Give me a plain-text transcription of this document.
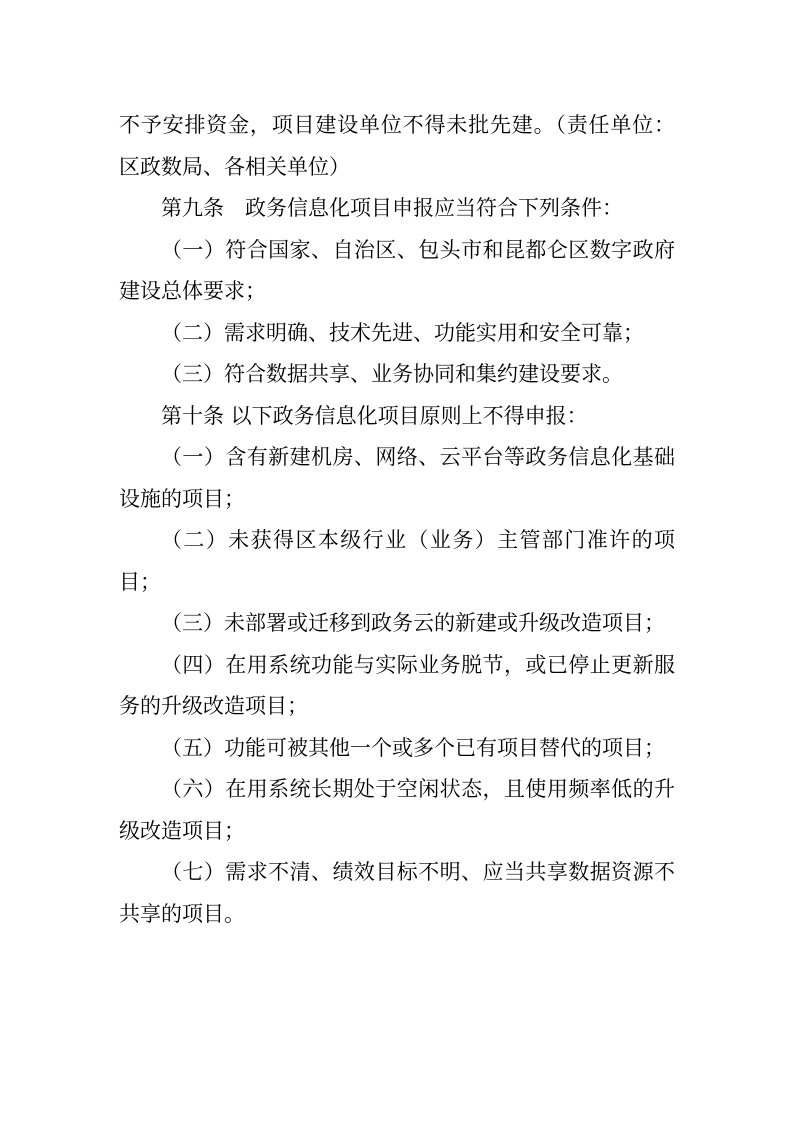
不予安排资金，项目建设单位不得未批先建。（责任单位：区政数局、各相关单位）

第九条　政务信息化项目申报应当符合下列条件：

（一）符合国家、自治区、包头市和昆都仑区数字政府建设总体要求；

（二）需求明确、技术先进、功能实用和安全可靠；

（三）符合数据共享、业务协同和集约建设要求。

第十条 以下政务信息化项目原则上不得申报：

（一）含有新建机房、网络、云平台等政务信息化基础设施的项目；

（二）未获得区本级行业（业务）主管部门准许的项目；

（三）未部署或迁移到政务云的新建或升级改造项目；

（四）在用系统功能与实际业务脱节，或已停止更新服务的升级改造项目；

（五）功能可被其他一个或多个已有项目替代的项目；

（六）在用系统长期处于空闲状态，且使用频率低的升级改造项目；

（七）需求不清、绩效目标不明、应当共享数据资源不共享的项目。
